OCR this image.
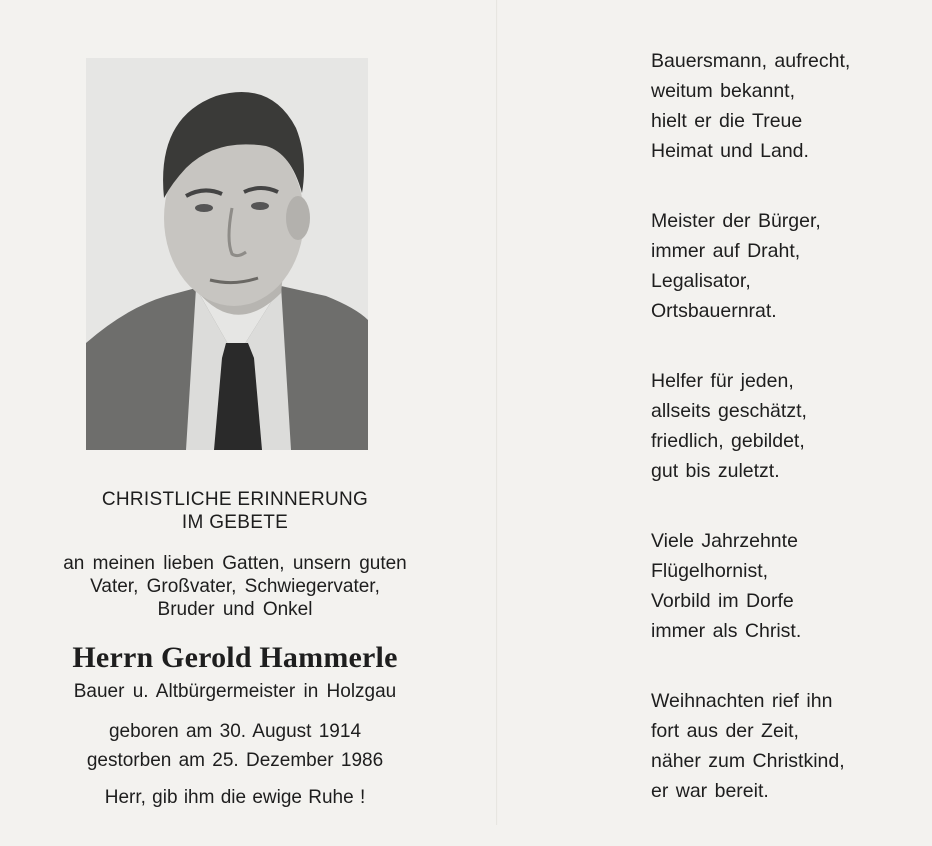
CHRISTLICHE ERINNERUNG
IM GEBETE
an meinen lieben Gatten, unsern guten
Vater, Großvater, Schwiegervater,
Bruder und Onkel
Herrn Gerold Hammerle
Bauer u. Altbürgermeister in Holzgau
geboren am 30. August 1914
gestorben am 25. Dezember 1986
Herr, gib ihm die ewige Ruhe !
Bauersmann, aufrecht,
weitum bekannt,
hielt er die Treue
Heimat und Land.
Meister der Bürger,
immer auf Draht,
Legalisator,
Ortsbauernrat.
Helfer für jeden,
allseits geschätzt,
friedlich, gebildet,
gut bis zuletzt.
Viele Jahrzehnte
Flügelhornist,
Vorbild im Dorfe
immer als Christ.
Weihnachten rief ihn
fort aus der Zeit,
näher zum Christkind,
er war bereit.
